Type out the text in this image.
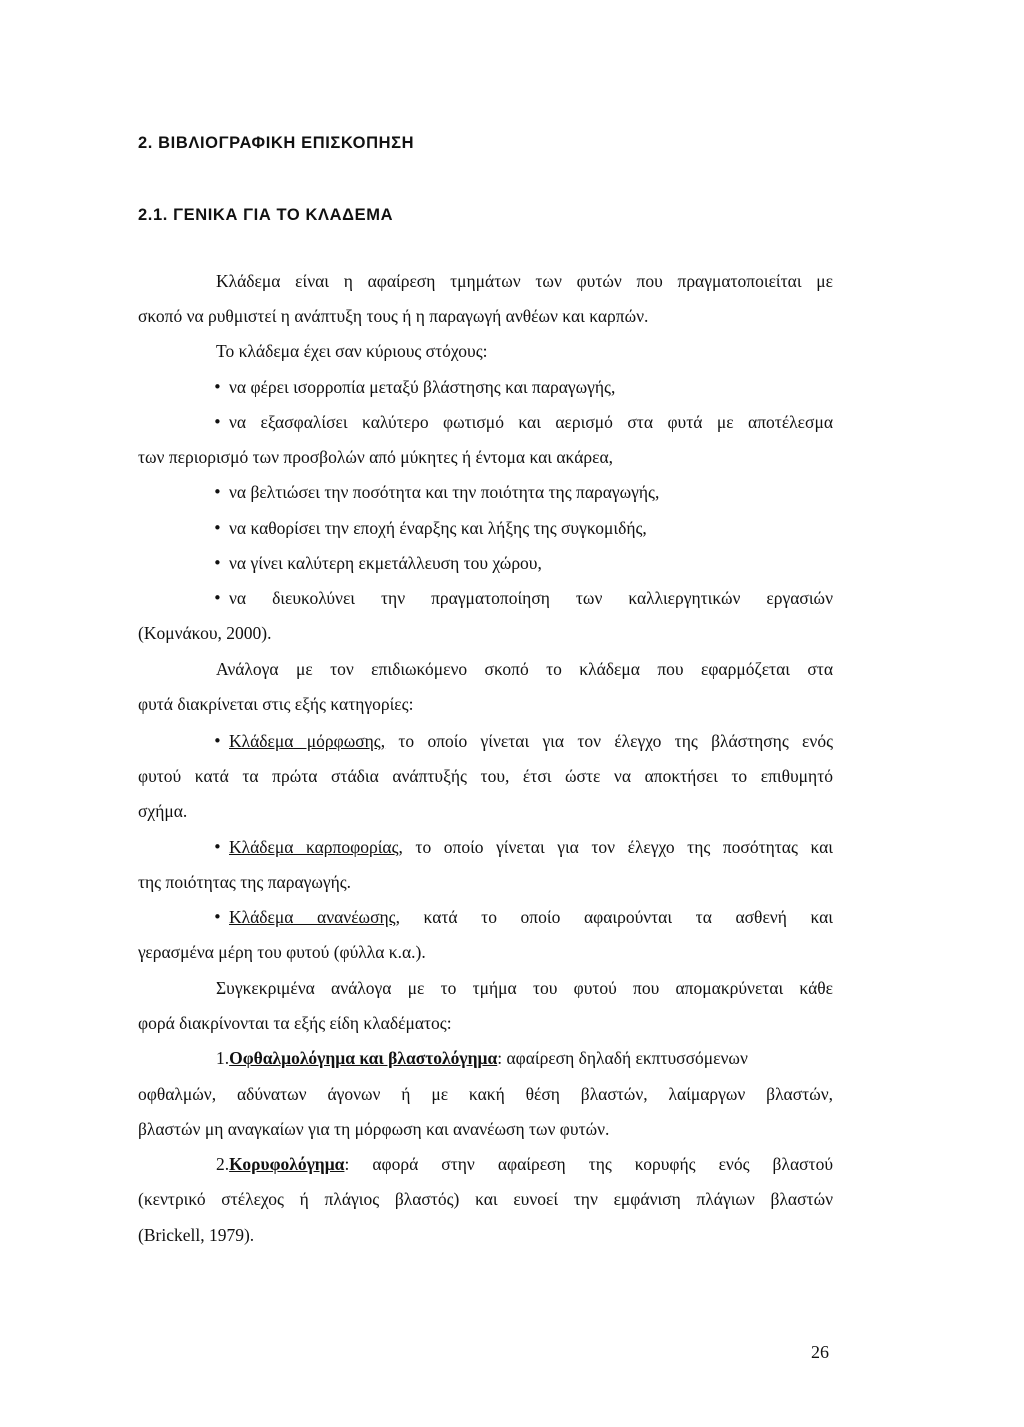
2. ΒΙΒΛΙΟΓΡΑΦΙΚΗ ΕΠΙΣΚΟΠΗΣΗ
2.1. ΓΕΝΙΚΑ ΓΙΑ ΤΟ ΚΛΑΔΕΜΑ
Κλάδεμα είναι η αφαίρεση τμημάτων των φυτών που πραγματοποιείται με
σκοπό να ρυθμιστεί η ανάπτυξη τους ή η παραγωγή ανθέων και καρπών.
Το κλάδεμα έχει σαν κύριους στόχους:
• να φέρει ισορροπία μεταξύ βλάστησης και παραγωγής,
• να εξασφαλίσει καλύτερο φωτισμό και αερισμό στα φυτά με αποτέλεσμα
των περιορισμό των προσβολών από μύκητες ή έντομα και ακάρεα,
• να βελτιώσει την ποσότητα και την ποιότητα της παραγωγής,
• να καθορίσει την εποχή έναρξης και λήξης της συγκομιδής,
• να γίνει καλύτερη εκμετάλλευση του χώρου,
• να διευκολύνει την πραγματοποίηση των καλλιεργητικών εργασιών
(Κομνάκου, 2000).
Ανάλογα με τον επιδιωκόμενο σκοπό το κλάδεμα που εφαρμόζεται στα
φυτά διακρίνεται στις εξής κατηγορίες:
• Κλάδεμα μόρφωσης, το οποίο γίνεται για τον έλεγχο της βλάστησης ενός
φυτού κατά τα πρώτα στάδια ανάπτυξής του, έτσι ώστε να αποκτήσει το επιθυμητό
σχήμα.
• Κλάδεμα καρποφορίας, το οποίο γίνεται για τον έλεγχο της ποσότητας και
της ποιότητας της παραγωγής.
• Κλάδεμα ανανέωσης, κατά το οποίο αφαιρούνται τα ασθενή και
γερασμένα μέρη του φυτού (φύλλα κ.α.).
Συγκεκριμένα ανάλογα με το τμήμα του φυτού που απομακρύνεται κάθε
φορά διακρίνονται τα εξής είδη κλαδέματος:
1.Οφθαλμολόγημα και βλαστολόγημα: αφαίρεση δηλαδή εκπτυσσόμενων
οφθαλμών, αδύνατων άγονων ή με κακή θέση βλαστών, λαίμαργων βλαστών,
βλαστών μη αναγκαίων για τη μόρφωση και ανανέωση των φυτών.
2.Κορυφολόγημα: αφορά στην αφαίρεση της κορυφής ενός βλαστού
(κεντρικό στέλεχος ή πλάγιος βλαστός) και ευνοεί την εμφάνιση πλάγιων βλαστών
(Brickell, 1979).
26
